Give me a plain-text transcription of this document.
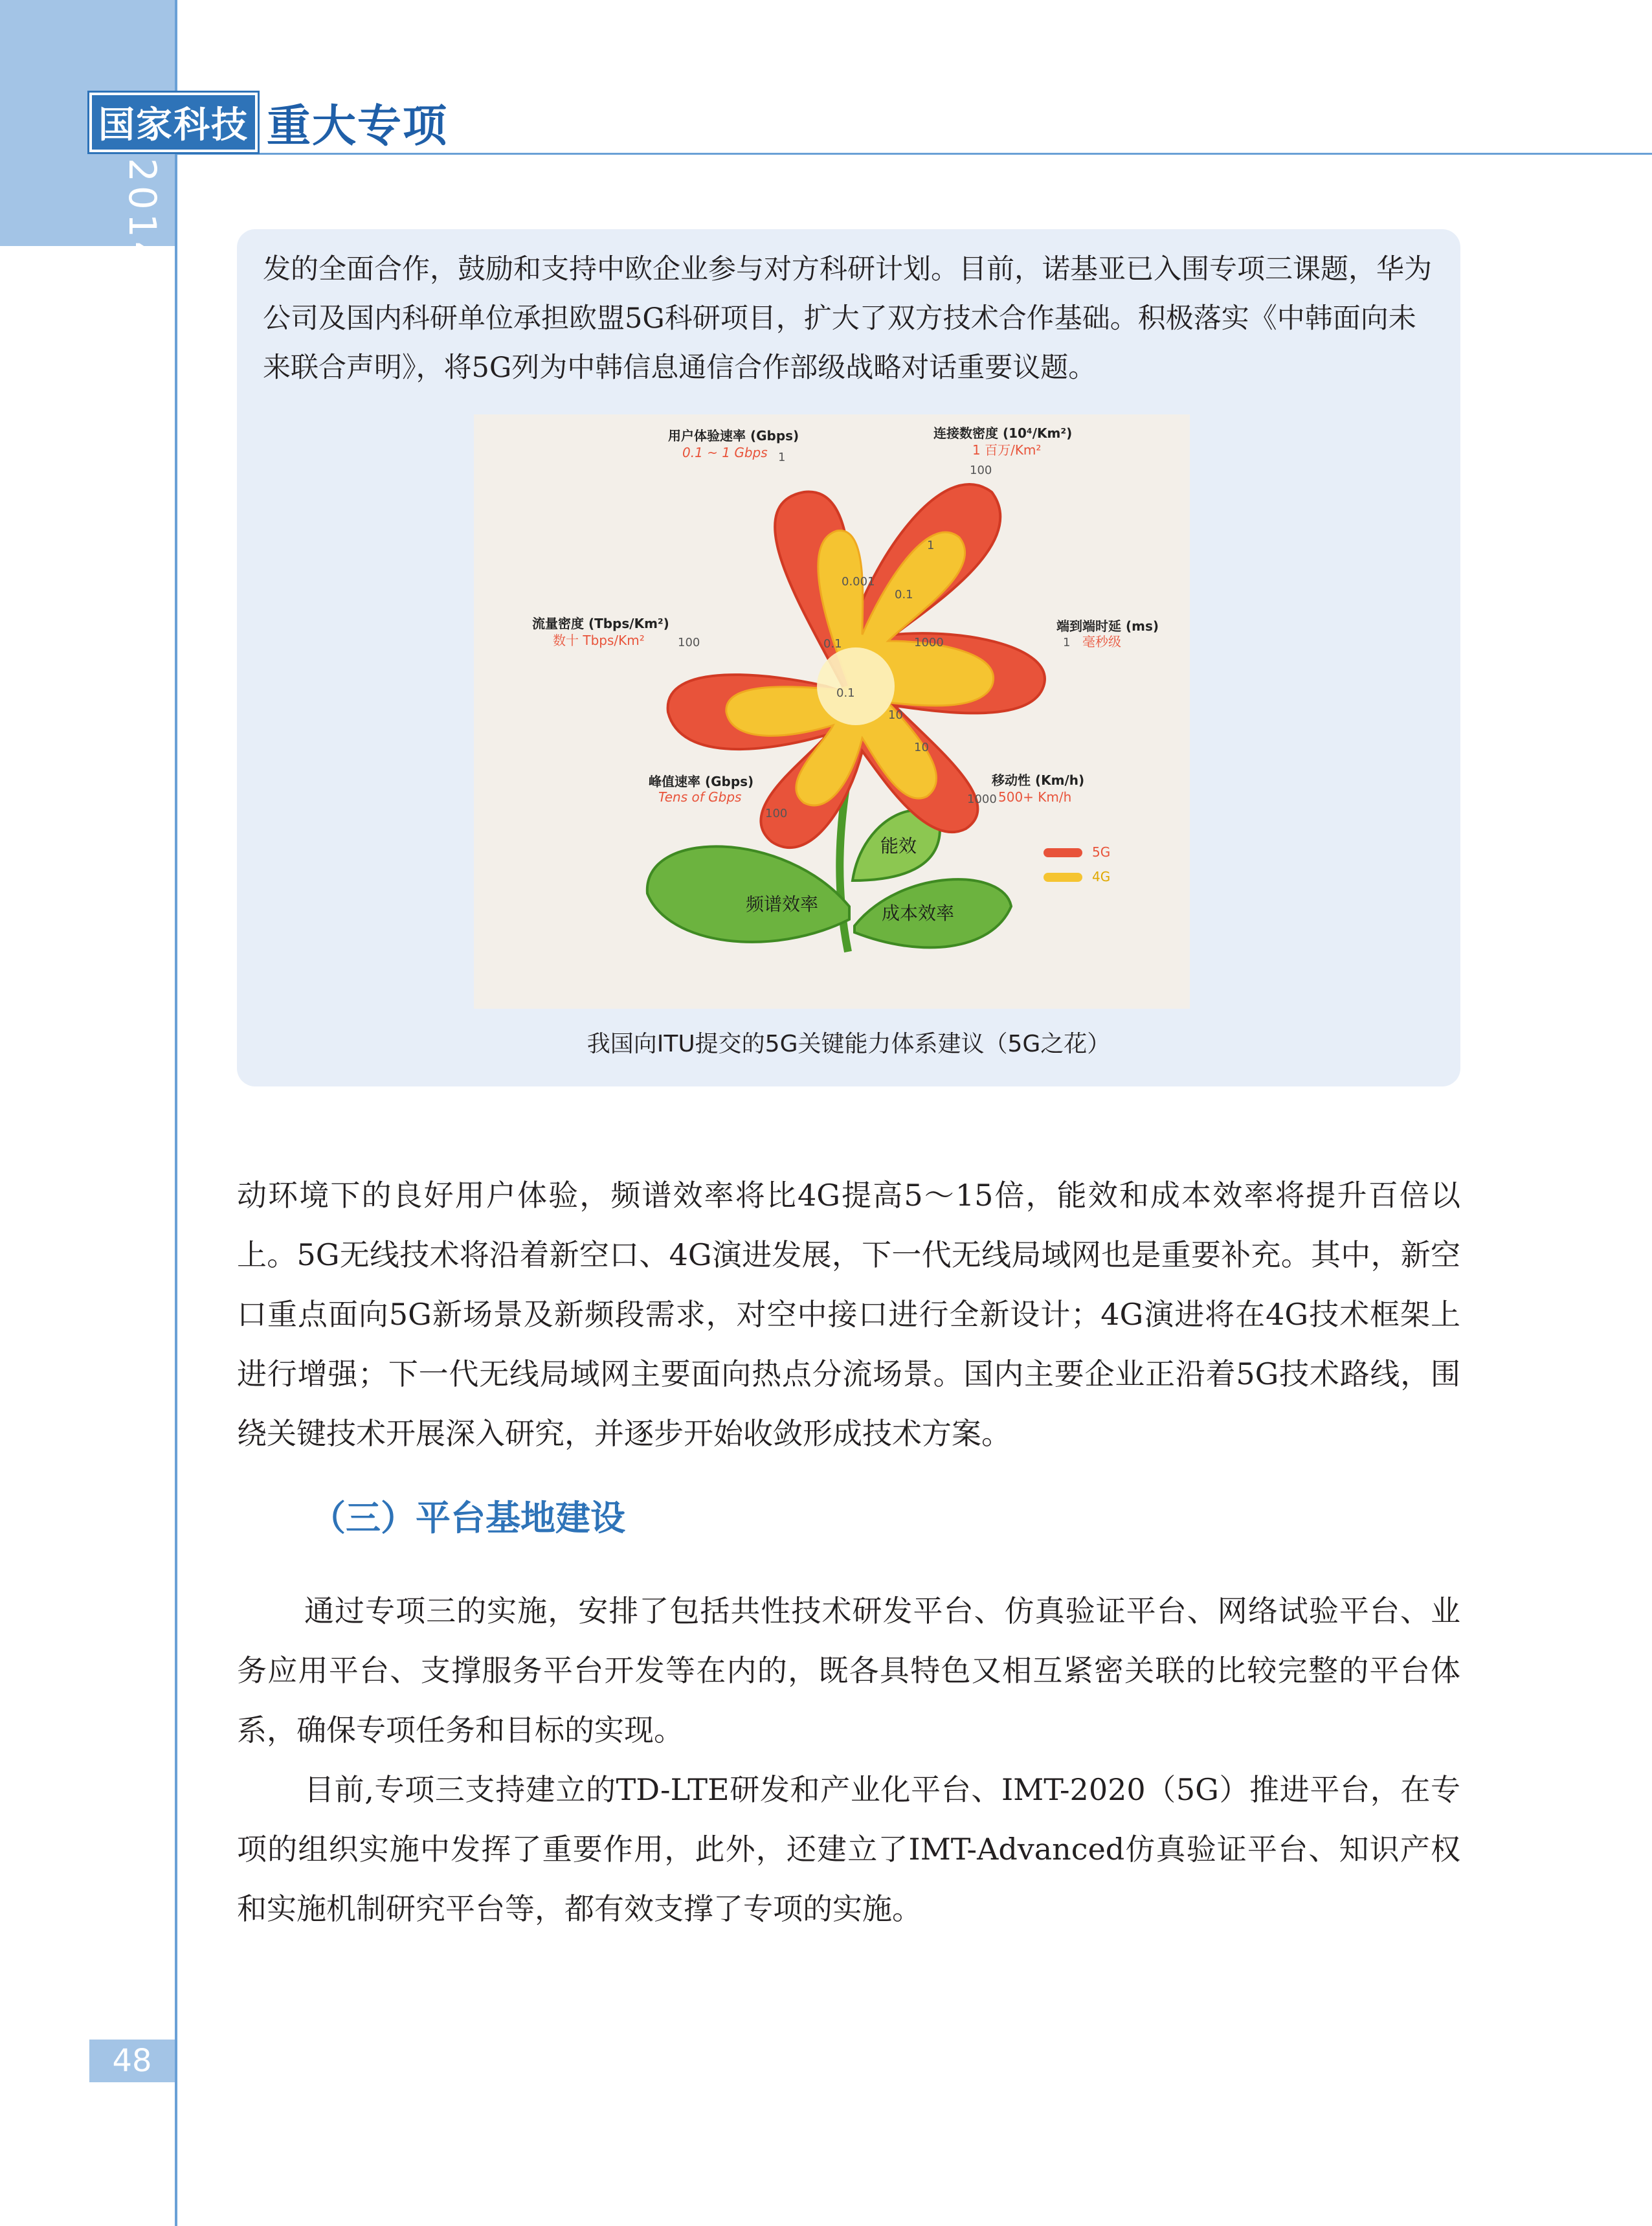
国家科技 重大专项
2014 年度报告	发的全面合作，鼓励和支持中欧企业参与对方科研计划。目前，诺基亚已入围专项三课题，华为公司及国内科研单位承担欧盟5G科研项目，扩大了双方技术合作基础。积极落实《中韩面向未来联合声明》，将5G列为中韩信息通信合作部级战略对话重要议题。

能效
频谱效率	成本效率
用户体验速率 (Gbps)
0.1 ~ 1 Gbps
连接数密度 (10⁴/Km²)
1 百万/Km²
端到端时延 (ms)
毫秒级
移动性 (Km/h)
500+ Km/h
峰值速率 (Gbps)
Tens of Gbps
流量密度 (Tbps/Km²)
数十 Tbps/Km²
100
1
1
1000
1000
100
100
0.001
0.1
0.1
10
10
1
0.1
5G
4G
我国向ITU提交的5G关键能力体系建议（5G之花）

动环境下的良好用户体验，频谱效率将比4G提高5～15倍，能效和成本效率将提升百倍以上。5G无线技术将沿着新空口、4G演进发展，下一代无线局域网也是重要补充。其中，新空口重点面向5G新场景及新频段需求，对空中接口进行全新设计；4G演进将在4G技术框架上进行增强；下一代无线局域网主要面向热点分流场景。国内主要企业正沿着5G技术路线，围绕关键技术开展深入研究，并逐步开始收敛形成技术方案。

（三）平台基地建设

通过专项三的实施，安排了包括共性技术研发平台、仿真验证平台、网络试验平台、业务应用平台、支撑服务平台开发等在内的，既各具特色又相互紧密关联的比较完整的平台体系，确保专项任务和目标的实现。

目前,专项三支持建立的TD-LTE研发和产业化平台、IMT-2020（5G）推进平台，在专项的组织实施中发挥了重要作用，此外，还建立了IMT-Advanced仿真验证平台、知识产权和实施机制研究平台等，都有效支撑了专项的实施。

48
